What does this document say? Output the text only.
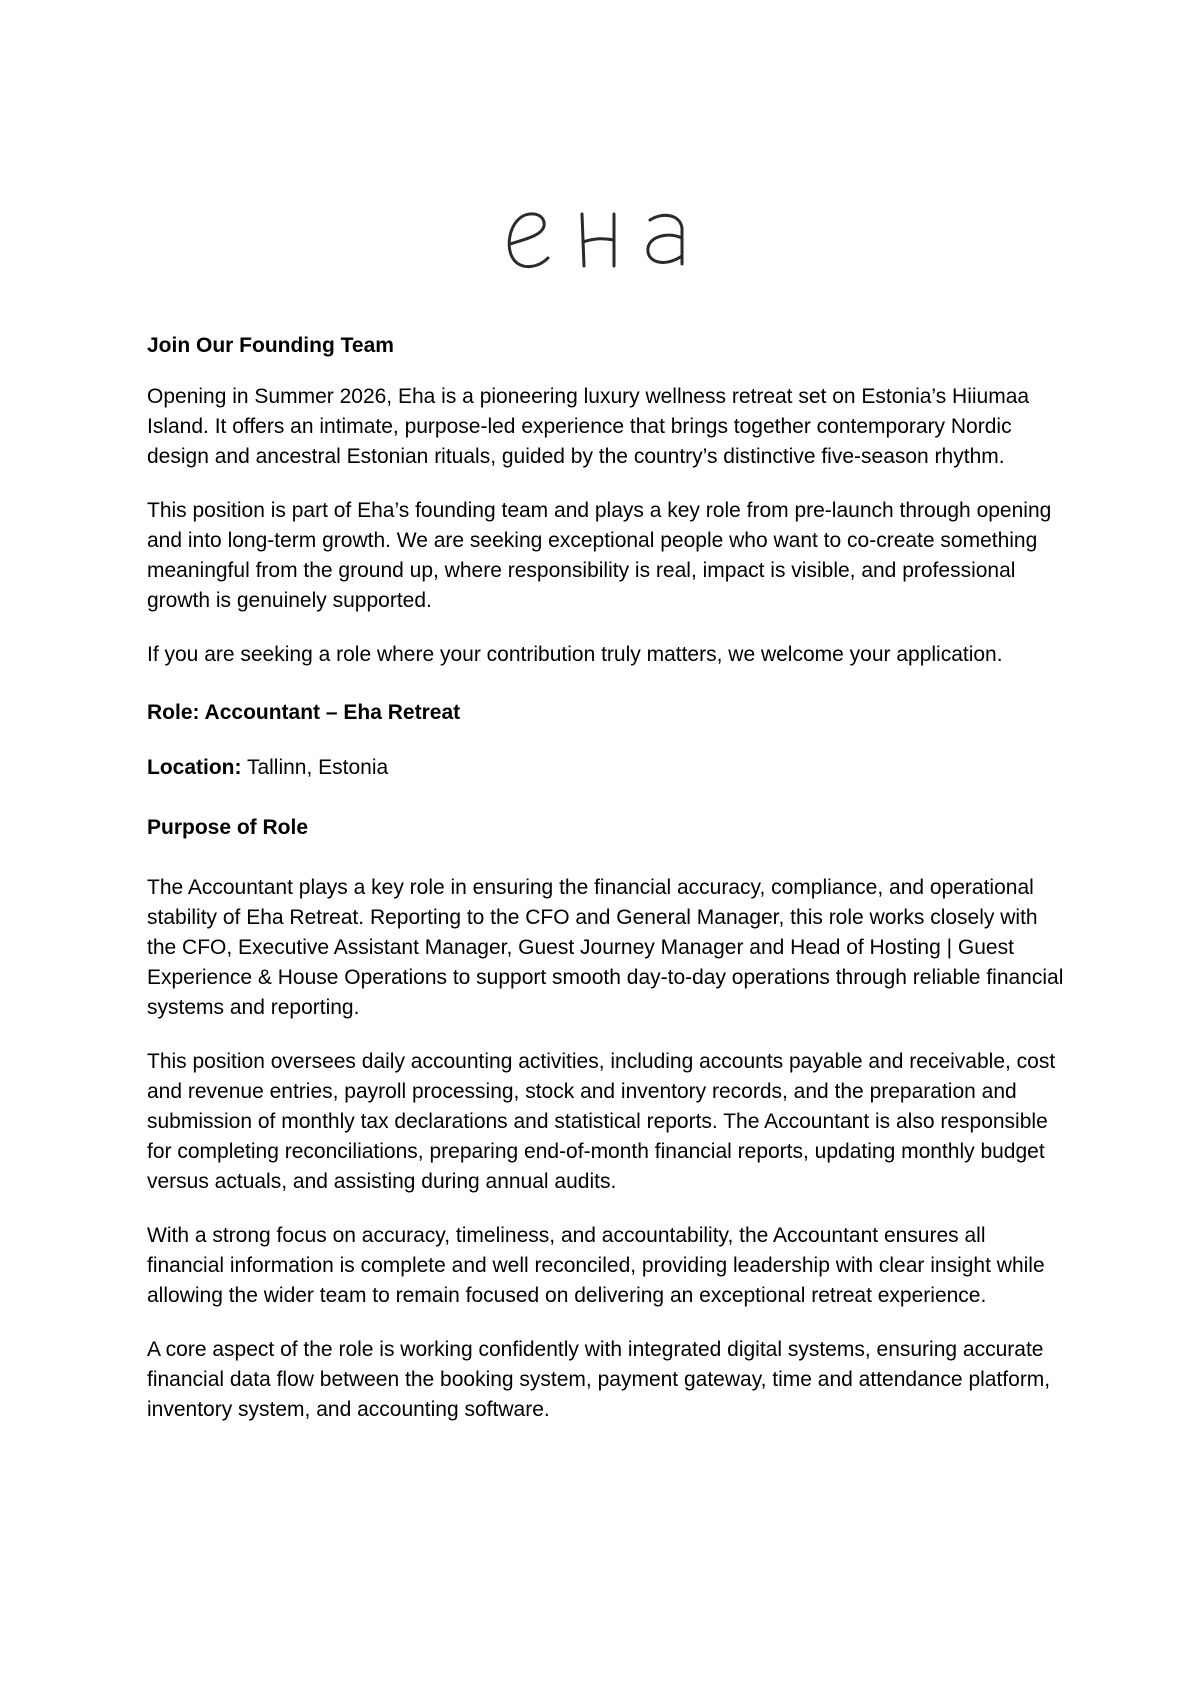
Join Our Founding Team

Opening in Summer 2026, Eha is a pioneering luxury wellness retreat set on Estonia’s Hiiumaa Island. It offers an intimate, purpose-led experience that brings together contemporary Nordic design and ancestral Estonian rituals, guided by the country’s distinctive five-season rhythm.

This position is part of Eha’s founding team and plays a key role from pre-launch through opening and into long-term growth. We are seeking exceptional people who want to co-create something meaningful from the ground up, where responsibility is real, impact is visible, and professional growth is genuinely supported.

If you are seeking a role where your contribution truly matters, we welcome your application.

Role: Accountant – Eha Retreat

Location: Tallinn, Estonia

Purpose of Role

The Accountant plays a key role in ensuring the financial accuracy, compliance, and operational stability of Eha Retreat. Reporting to the CFO and General Manager, this role works closely with the CFO, Executive Assistant Manager, Guest Journey Manager and Head of Hosting | Guest Experience & House Operations to support smooth day-to-day operations through reliable financial systems and reporting.

This position oversees daily accounting activities, including accounts payable and receivable, cost and revenue entries, payroll processing, stock and inventory records, and the preparation and submission of monthly tax declarations and statistical reports. The Accountant is also responsible for completing reconciliations, preparing end-of-month financial reports, updating monthly budget versus actuals, and assisting during annual audits.

With a strong focus on accuracy, timeliness, and accountability, the Accountant ensures all financial information is complete and well reconciled, providing leadership with clear insight while allowing the wider team to remain focused on delivering an exceptional retreat experience.

A core aspect of the role is working confidently with integrated digital systems, ensuring accurate financial data flow between the booking system, payment gateway, time and attendance platform, inventory system, and accounting software.
